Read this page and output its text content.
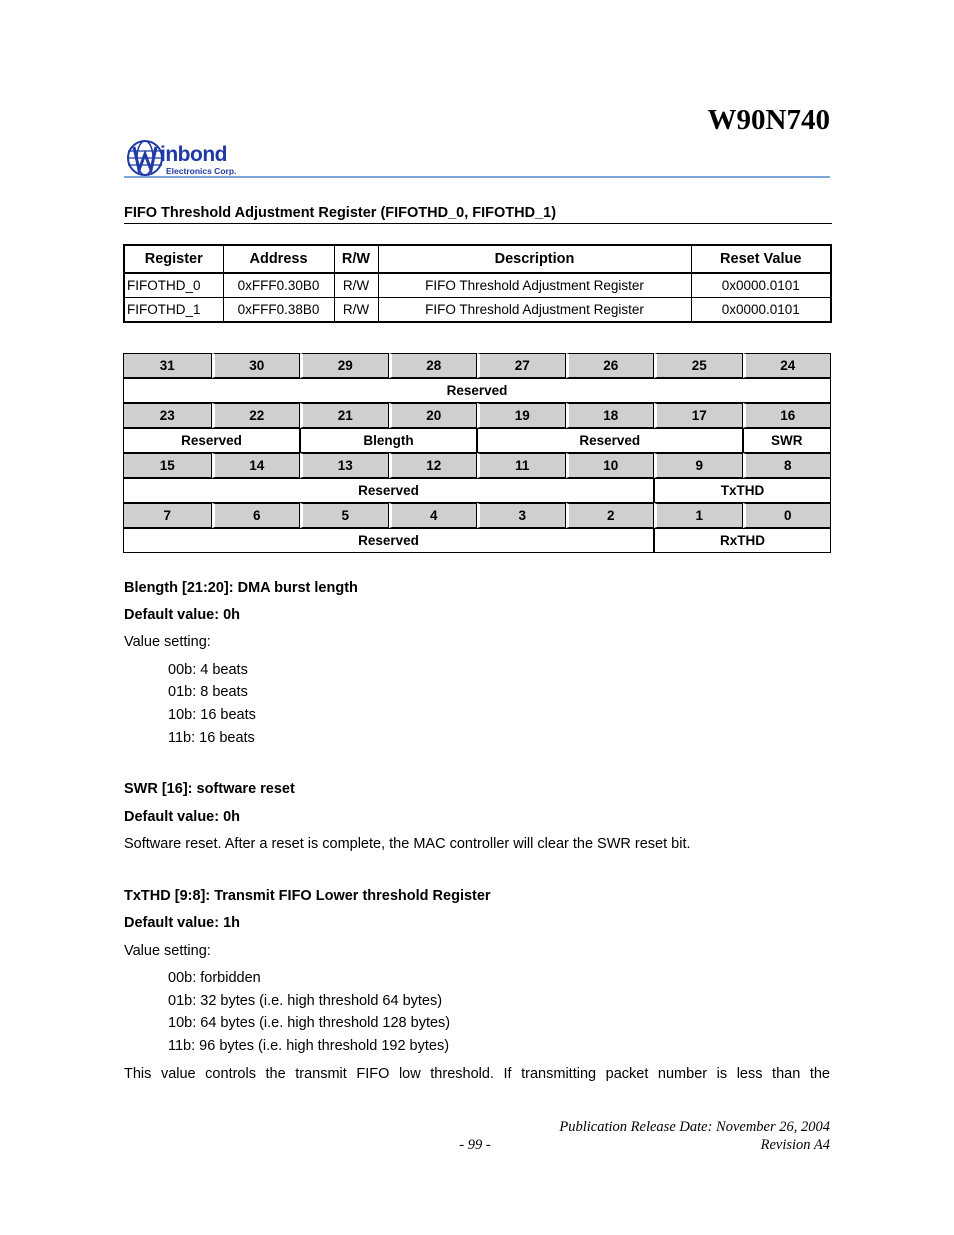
W90N740
inbond
Electronics Corp.
FIFO Threshold Adjustment Register (FIFOTHD_0, FIFOTHD_1)
Register	Address	R/W	Description	Reset Value
FIFOTHD_0	0xFFF0.30B0	R/W	FIFO Threshold Adjustment Register	0x0000.0101
FIFOTHD_1	0xFFF0.38B0	R/W	FIFO Threshold Adjustment Register	0x0000.0101
31	30	29	28	27	26	25	24
Reserved							
23	22	21	20	19	18	17	16
Reserved		Blength		Reserved			SWR
15	14	13	12	11	10	9	8
Reserved						TxTHD	
7	6	5	4	3	2	1	0
Reserved						RxTHD	
Blength [21:20]: DMA burst length
Default value: 0h
Value setting:
00b: 4 beats
01b: 8 beats
10b: 16 beats
11b: 16 beats
SWR [16]: software reset
Default value: 0h
Software reset. After a reset is complete, the MAC controller will clear the SWR reset bit.
TxTHD [9:8]: Transmit FIFO Lower threshold Register
Default value: 1h
Value setting:
00b: forbidden
01b: 32 bytes (i.e. high threshold 64 bytes)
10b: 64 bytes (i.e. high threshold 128 bytes)
11b: 96 bytes (i.e. high threshold 192 bytes)
This value controls the transmit FIFO low threshold. If transmitting packet number is less than the
Publication Release Date: November 26, 2004
- 99 -	Revision A4
